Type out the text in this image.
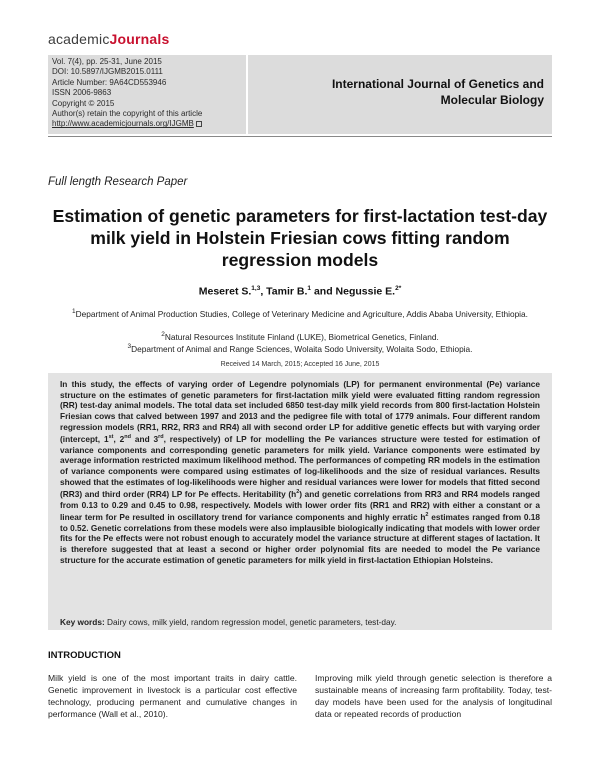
academicJournals
Vol. 7(4), pp. 25-31, June 2015
DOI: 10.5897/IJGMB2015.0111
Article Number: 9A64CD553946
ISSN 2006-9863
Copyright © 2015
Author(s) retain the copyright of this article
http://www.academicjournals.org/IJGMB
International Journal of Genetics and Molecular Biology
Full length Research Paper
Estimation of genetic parameters for first-lactation test-day milk yield in Holstein Friesian cows fitting random regression models
Meseret S.$^{1,3}$, Tamir B.$^1$ and Negussie E.$^{2*}$
$^1$Department of Animal Production Studies, College of Veterinary Medicine and Agriculture, Addis Ababa University, Ethiopia.
$^2$Natural Resources Institute Finland (LUKE), Biometrical Genetics, Finland.
$^3$Department of Animal and Range Sciences, Wolaita Sodo University, Wolaita Sodo, Ethiopia.
Received 14 March, 2015; Accepted 16 June, 2015
In this study, the effects of varying order of Legendre polynomials (LP) for permanent environmental (Pe) variance structure on the estimates of genetic parameters for first-lactation milk yield were evaluated fitting random regression (RR) test-day animal models. The total data set included 6850 test-day milk yield records from 800 first-lactation Holstein Friesian cows that calved between 1997 and 2013 and the pedigree file with total of 1779 animals. Four different random regression models (RR1, RR2, RR3 and RR4) all with second order LP for additive genetic effects but with varying order (intercept, 1st, 2nd and 3rd, respectively) of LP for modelling the Pe variances structure were tested for estimation of variance components and corresponding genetic parameters for milk yield. Variance components were estimated by average information restricted maximum likelihood method. The performances of competing RR models in the estimation of variance components were compared using estimates of log-likelihoods and the size of residual variances. Results showed that the estimates of log-likelihoods were higher and residual variances were lower for models that fitted second (RR3) and third order (RR4) LP for Pe effects. Heritability $(h^2)$ and genetic correlations from RR3 and RR4 models ranged from 0.13 to 0.29 and 0.45 to 0.98, respectively. Models with lower order fits (RR1 and RR2) with either a constant or a linear term for Pe resulted in oscillatory trend for variance components and highly erratic $h^2$ estimates ranged from 0.18 to 0.52. Genetic correlations from these models were also implausible biologically indicating that models with lower order fits for the Pe effects were not robust enough to accurately model the variance structure at different stages of lactation. It is therefore suggested that at least a second or higher order polynomial fits are needed to model the Pe variance structure for the accurate estimation of genetic parameters for milk yield in first-lactation Ethiopian Holsteins.
Key words: Dairy cows, milk yield, random regression model, genetic parameters, test-day.
INTRODUCTION
Milk yield is one of the most important traits in dairy cattle. Genetic improvement in livestock is a particular cost effective technology, producing permanent and cumulative changes in performance (Wall et al., 2010).
Improving milk yield through genetic selection is therefore a sustainable means of increasing farm profitability. Today, test-day models have been used for the analysis of longitudinal data or repeated records of production
